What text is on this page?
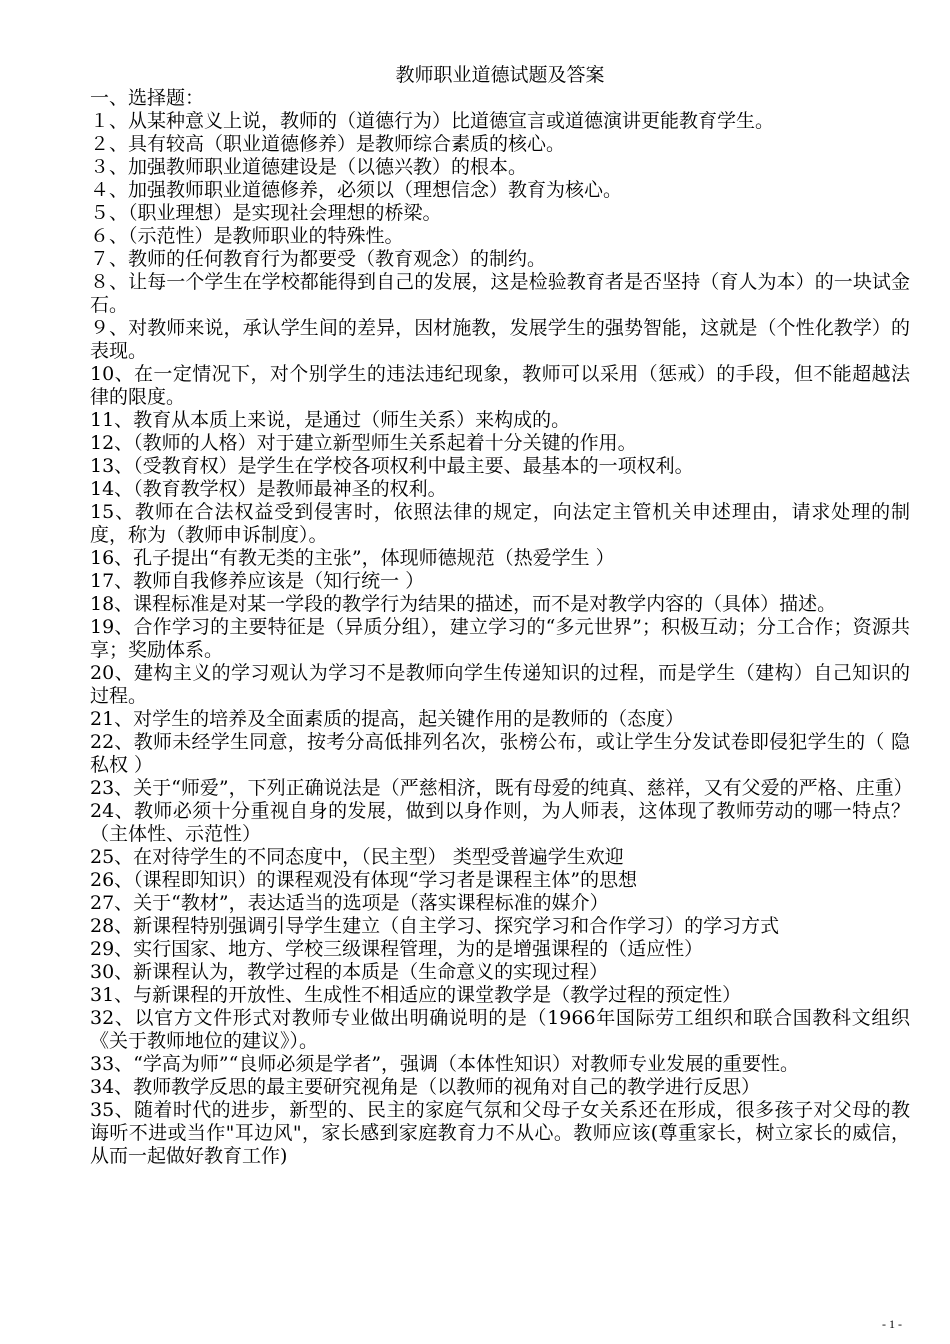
教师职业道德试题及答案
一、选择题：

１、从某种意义上说，教师的（道德行为）比道德宣言或道德演讲更能教育学生。

２、具有较高（职业道德修养）是教师综合素质的核心。

３、加强教师职业道德建设是（以德兴教）的根本。

４、加强教师职业道德修养，必须以（理想信念）教育为核心。

５、（职业理想）是实现社会理想的桥梁。

６、（示范性）是教师职业的特殊性。

７、教师的任何教育行为都要受（教育观念）的制约。

８、让每一个学生在学校都能得到自己的发展，这是检验教育者是否坚持（育人为本）的一块试金石。

９、对教师来说，承认学生间的差异，因材施教，发展学生的强势智能，这就是（个性化教学）的表现。

10、在一定情况下，对个别学生的违法违纪现象，教师可以采用（惩戒）的手段，但不能超越法律的限度。

11、教育从本质上来说，是通过（师生关系）来构成的。

12、（教师的人格）对于建立新型师生关系起着十分关键的作用。

13、（受教育权）是学生在学校各项权利中最主要、最基本的一项权利。

14、（教育教学权）是教师最神圣的权利。

15、教师在合法权益受到侵害时，依照法律的规定，向法定主管机关申述理由，请求处理的制度，称为（教师申诉制度）。

16、孔子提出“有教无类的主张”，体现师德规范（热爱学生 ）

17、教师自我修养应该是（知行统一 ）

18、课程标准是对某一学段的教学行为结果的描述，而不是对教学内容的（具体）描述。

19、合作学习的主要特征是（异质分组），建立学习的“多元世界”；积极互动；分工合作；资源共享；奖励体系。

20、建构主义的学习观认为学习不是教师向学生传递知识的过程，而是学生（建构）自己知识的过程。

21、对学生的培养及全面素质的提高，起关键作用的是教师的（态度）

22、教师未经学生同意，按考分高低排列名次，张榜公布，或让学生分发试卷即侵犯学生的（ 隐私权 ）

23、关于“师爱”，下列正确说法是（严慈相济，既有母爱的纯真、慈祥，又有父爱的严格、庄重）

24、教师必须十分重视自身的发展，做到以身作则，为人师表，这体现了教师劳动的哪一特点？（主体性、示范性）

25、在对待学生的不同态度中，（民主型） 类型受普遍学生欢迎

26、（课程即知识）的课程观没有体现“学习者是课程主体”的思想

27、关于“教材”，表达适当的选项是（落实课程标准的媒介）

28、新课程特别强调引导学生建立（自主学习、探究学习和合作学习）的学习方式

29、实行国家、地方、学校三级课程管理，为的是增强课程的（适应性）

30、新课程认为，教学过程的本质是（生命意义的实现过程）

31、与新课程的开放性、生成性不相适应的课堂教学是（教学过程的预定性）

32、以官方文件形式对教师专业做出明确说明的是（1966年国际劳工组织和联合国教科文组织《关于教师地位的建议》）。

33、“学高为师”“良师必须是学者”，强调（本体性知识）对教师专业发展的重要性。

34、教师教学反思的最主要研究视角是（以教师的视角对自己的教学进行反思）

35、随着时代的进步，新型的、民主的家庭气氛和父母子女关系还在形成，很多孩子对父母的教诲听不进或当作"耳边风"，家长感到家庭教育力不从心。教师应该(尊重家长，树立家长的威信，从而一起做好教育工作)

- 1 -
